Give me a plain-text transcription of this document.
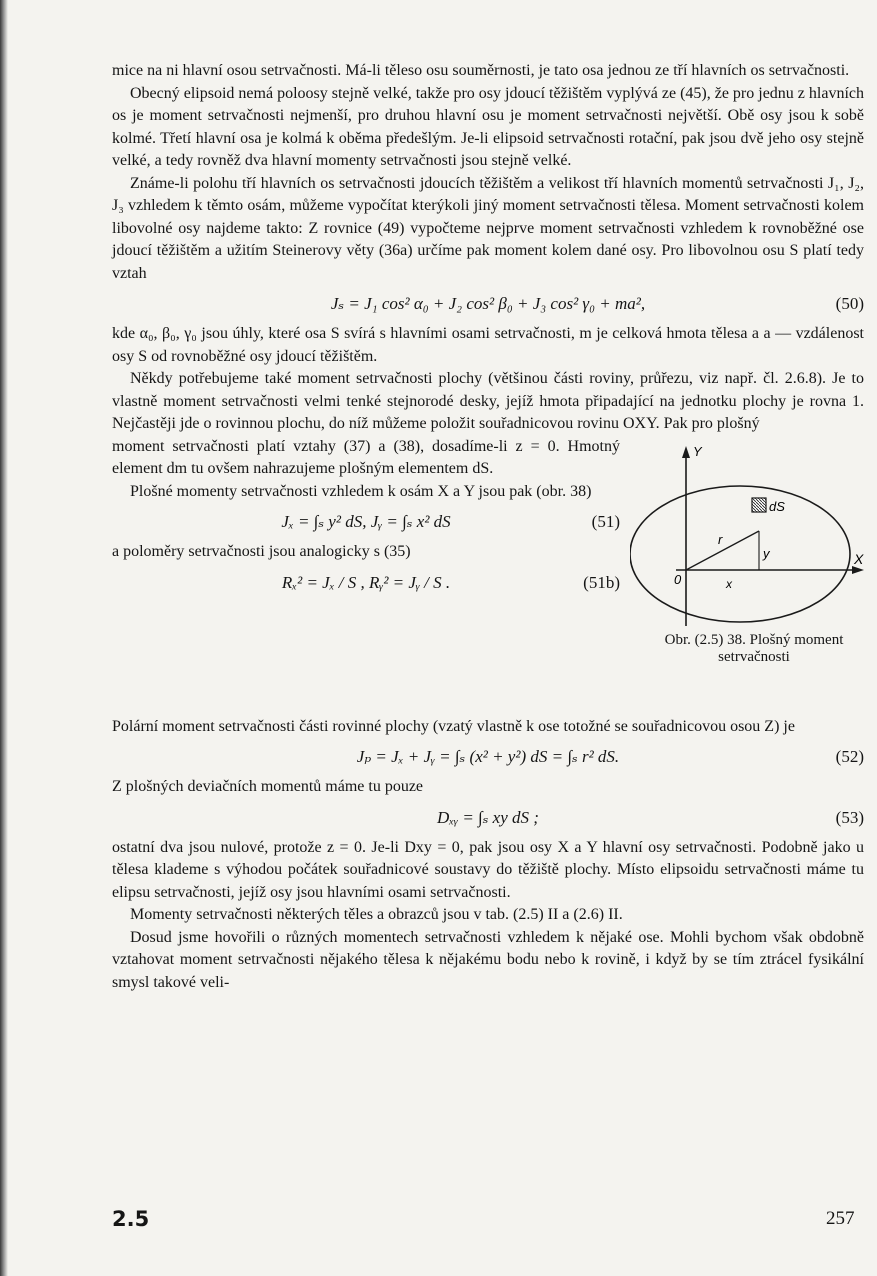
mice na ni hlavní osou setrvačnosti. Má-li těleso osu souměrnosti, je tato osa jednou ze tří hlavních os setrvačnosti.

Obecný elipsoid nemá poloosy stejně velké, takže pro osy jdoucí těžištěm vyplývá ze (45), že pro jednu z hlavních os je moment setrvačnosti nejmenší, pro druhou hlavní osu je moment setrvačnosti největší. Obě osy jsou k sobě kolmé. Třetí hlavní osa je kolmá k oběma předešlým. Je-li elipsoid setrvačnosti rotační, pak jsou dvě jeho osy stejně velké, a tedy rovněž dva hlavní momenty setrvačnosti jsou stejně velké.

Známe-li polohu tří hlavních os setrvačnosti jdoucích těžištěm a velikost tří hlavních momentů setrvačnosti J₁, J₂, J₃ vzhledem k těmto osám, můžeme vypočítat kterýkoli jiný moment setrvačnosti tělesa. Moment setrvačnosti kolem libovolné osy najdeme takto: Z rovnice (49) vypočteme nejprve moment setrvačnosti vzhledem k rovnoběžné ose jdoucí těžištěm a užitím Steinerovy věty (36a) určíme pak moment kolem dané osy. Pro libovolnou osu S platí tedy vztah

Jₛ = J₁ cos² α₀ + J₂ cos² β₀ + J₃ cos² γ₀ + ma²,	(50)

kde α₀, β₀, γ₀ jsou úhly, které osa S svírá s hlavními osami setrvačnosti, m je celková hmota tělesa a a — vzdálenost osy S od rovnoběžné osy jdoucí těžištěm.

Někdy potřebujeme také moment setrvačnosti plochy (většinou části roviny, průřezu, viz např. čl. 2.6.8). Je to vlastně moment setrvačnosti velmi tenké stejnorodé desky, jejíž hmota připadající na jednotku plochy je rovna 1. Nejčastěji jde o rovinnou plochu, do níž můžeme položit souřadnicovou rovinu OXY. Pak pro plošný

moment setrvačnosti platí vztahy (37) a (38), dosadíme-li z = 0. Hmotný element dm tu ovšem nahrazujeme plošným elementem dS.

Plošné momenty setrvačnosti vzhledem k osám X a Y jsou pak (obr. 38)

Jₓ = ∫ₛ y² dS, Jᵧ = ∫ₛ x² dS	(51)

a poloměry setrvačnosti jsou analogicky s (35)

Rₓ² = Jₓ / S , Rᵧ² = Jᵧ / S .	(51b)
Y
X
0
r
x
y
dS
Obr. (2.5) 38. Plošný moment setrvačnosti

Polární moment setrvačnosti části rovinné plochy (vzatý vlastně k ose totožné se souřadnicovou osou Z) je

Jₚ = Jₓ + Jᵧ = ∫ₛ (x² + y²) dS = ∫ₛ r² dS.	(52)

Z plošných deviačních momentů máme tu pouze

Dₓᵧ = ∫ₛ xy dS ;	(53)

ostatní dva jsou nulové, protože z = 0. Je-li Dxy = 0, pak jsou osy X a Y hlavní osy setrvačnosti. Podobně jako u tělesa klademe s výhodou počátek souřadnicové soustavy do těžiště plochy. Místo elipsoidu setrvačnosti máme tu elipsu setrvačnosti, jejíž osy jsou hlavními osami setrvačnosti.

Momenty setrvačnosti některých těles a obrazců jsou v tab. (2.5) II a (2.6) II.

Dosud jsme hovořili o různých momentech setrvačnosti vzhledem k nějaké ose. Mohli bychom však obdobně vztahovat moment setrvačnosti nějakého tělesa k nějakému bodu nebo k rovině, i když by se tím ztrácel fysikální smysl takové veli-

2.5	257
